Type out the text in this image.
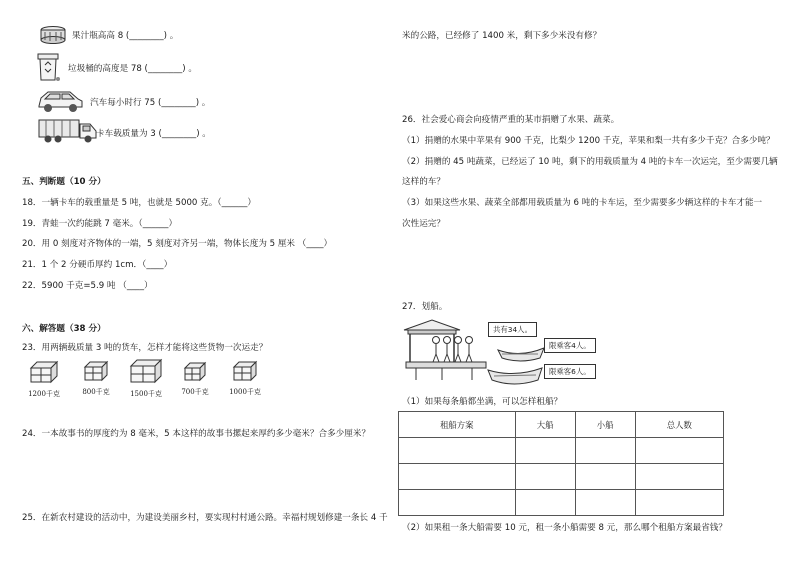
果汁瓶高高 8 (________) 。
垃圾桶的高度是 78 (________) 。
汽车每小时行 75 (________) 。
卡车载质量为 3 (________) 。
五、判断题（10 分）
18．一辆卡车的载重量是 5 吨，也就是 5000 克。（______）
19．青蛙一次约能跳 7 毫米。（______）
20．用 0 刻度对齐物体的一端，5 刻度对齐另一端，物体长度为 5 厘米 （____）
21．1 个 2 分硬币厚约 1cm．（____）
22．5900 千克=5.9 吨 （____）
六、解答题（38 分）
23．用两辆载质量 3 吨的货车，怎样才能将这些货物一次运走？
1200千克	800千克	1500千克	700千克	1000千克
24．一本故事书的厚度约为 8 毫米，5 本这样的故事书摞起来厚约多少毫米？合多少厘米？
25．在新农村建设的活动中，为建设美丽乡村，要实现村村通公路。幸福村规划修建一条长 4 千
米的公路，已经修了 1400 米，剩下多少米没有修？
26．社会爱心商会向疫情严重的某市捐赠了水果、蔬菜。
（1）捐赠的水果中苹果有 900 千克，比梨少 1200 千克，苹果和梨一共有多少千克？合多少吨？
（2）捐赠的 45 吨蔬菜，已经运了 10 吨，剩下的用载质量为 4 吨的卡车一次运完，至少需要几辆
这样的车？
（3）如果这些水果、蔬菜全部都用载质量为 6 吨的卡车运，至少需要多少辆这样的卡车才能一
次性运完？
27．划船。
共有34人。
限乘客4人。
限乘客6人。
（1）如果每条船都坐满，可以怎样租船？
租船方案	大船	小船	总人数

（2）如果租一条大船需要 10 元，租一条小船需要 8 元，那么哪个租船方案最省钱？
